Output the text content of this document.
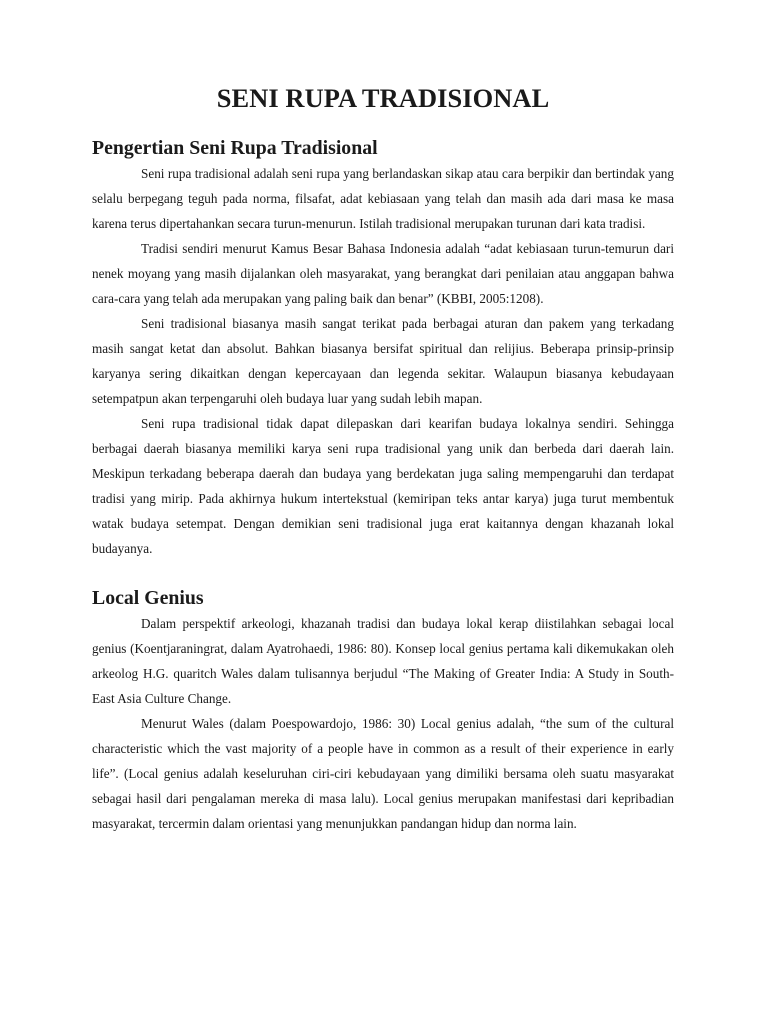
SENI RUPA TRADISIONAL
Pengertian Seni Rupa Tradisional

Seni rupa tradisional adalah seni rupa yang berlandaskan sikap atau cara berpikir dan bertindak yang selalu berpegang teguh pada norma, filsafat, adat kebiasaan yang telah dan masih ada dari masa ke masa karena terus dipertahankan secara turun-menurun. Istilah tradisional merupakan turunan dari kata tradisi.

Tradisi sendiri menurut Kamus Besar Bahasa Indonesia adalah “adat kebiasaan turun-temurun dari nenek moyang yang masih dijalankan oleh masyarakat, yang berangkat dari penilaian atau anggapan bahwa cara-cara yang telah ada merupakan yang paling baik dan benar” (KBBI, 2005:1208).

Seni tradisional biasanya masih sangat terikat pada berbagai aturan dan pakem yang terkadang masih sangat ketat dan absolut. Bahkan biasanya bersifat spiritual dan relijius. Beberapa prinsip-prinsip karyanya sering dikaitkan dengan kepercayaan dan legenda sekitar. Walaupun biasanya kebudayaan setempatpun akan terpengaruhi oleh budaya luar yang sudah lebih mapan.

Seni rupa tradisional tidak dapat dilepaskan dari kearifan budaya lokalnya sendiri. Sehingga berbagai daerah biasanya memiliki karya seni rupa tradisional yang unik dan berbeda dari daerah lain. Meskipun terkadang beberapa daerah dan budaya yang berdekatan juga saling mempengaruhi dan terdapat tradisi yang mirip. Pada akhirnya hukum intertekstual (kemiripan teks antar karya) juga turut membentuk watak budaya setempat. Dengan demikian seni tradisional juga erat kaitannya dengan khazanah lokal budayanya.

Local Genius

Dalam perspektif arkeologi, khazanah tradisi dan budaya lokal kerap diistilahkan sebagai local genius (Koentjaraningrat, dalam Ayatrohaedi, 1986: 80). Konsep local genius pertama kali dikemukakan oleh arkeolog H.G. quaritch Wales dalam tulisannya berjudul “The Making of Greater India: A Study in South-East Asia Culture Change.

Menurut Wales (dalam Poespowardojo, 1986: 30) Local genius adalah, “the sum of the cultural characteristic which the vast majority of a people have in common as a result of their experience in early life”. (Local genius adalah keseluruhan ciri-ciri kebudayaan yang dimiliki bersama oleh suatu masyarakat sebagai hasil dari pengalaman mereka di masa lalu). Local genius merupakan manifestasi dari kepribadian masyarakat, tercermin dalam orientasi yang menunjukkan pandangan hidup dan norma lain.
